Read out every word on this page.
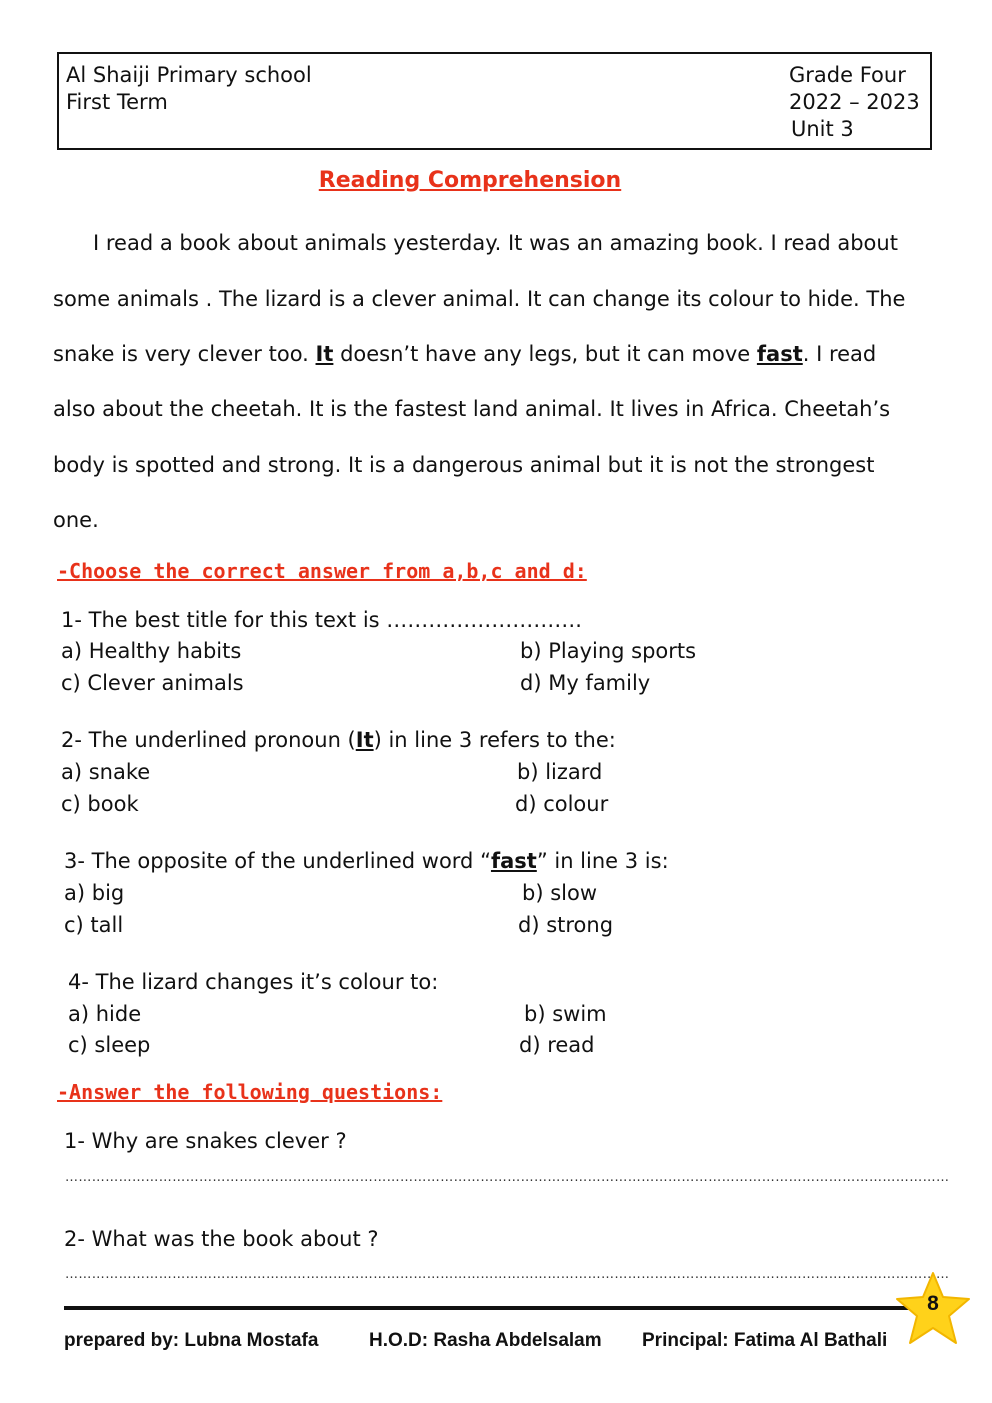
Al Shaiji Primary school
First Term
Grade Four
2022 – 2023
Unit 3
Reading Comprehension
I read a book about animals yesterday. It was an amazing book. I read about
some animals . The lizard is a clever animal. It can change its colour to hide. The
snake is very clever too. It doesn’t have any legs, but it can move fast. I read
also about the cheetah. It is the fastest land animal. It lives in Africa. Cheetah’s
body is spotted and strong. It is a dangerous animal but it is not the strongest
one.
-Choose the correct answer from a,b,c and d:
1- The best title for this text is ……………………….
a) Healthy habits	b) Playing sports
c) Clever animals	d) My family
2- The underlined pronoun (It) in line 3 refers to the:
a) snake	b) lizard
c) book	d) colour
3- The opposite of the underlined word “fast” in line 3 is:
a) big	b) slow
c) tall	d) strong
4- The lizard changes it’s colour to:
a) hide	b) swim
c) sleep	d) read
-Answer the following questions:
1- Why are snakes clever ?
………………………………………………………………………………………………………………………………………………………………………………
2- What was the book about ?
………………………………………………………………………………………………………………………………………………………………………………
prepared by: Lubna Mostafa	H.O.D: Rasha Abdelsalam Principal: Fatima Al Bathali
8
